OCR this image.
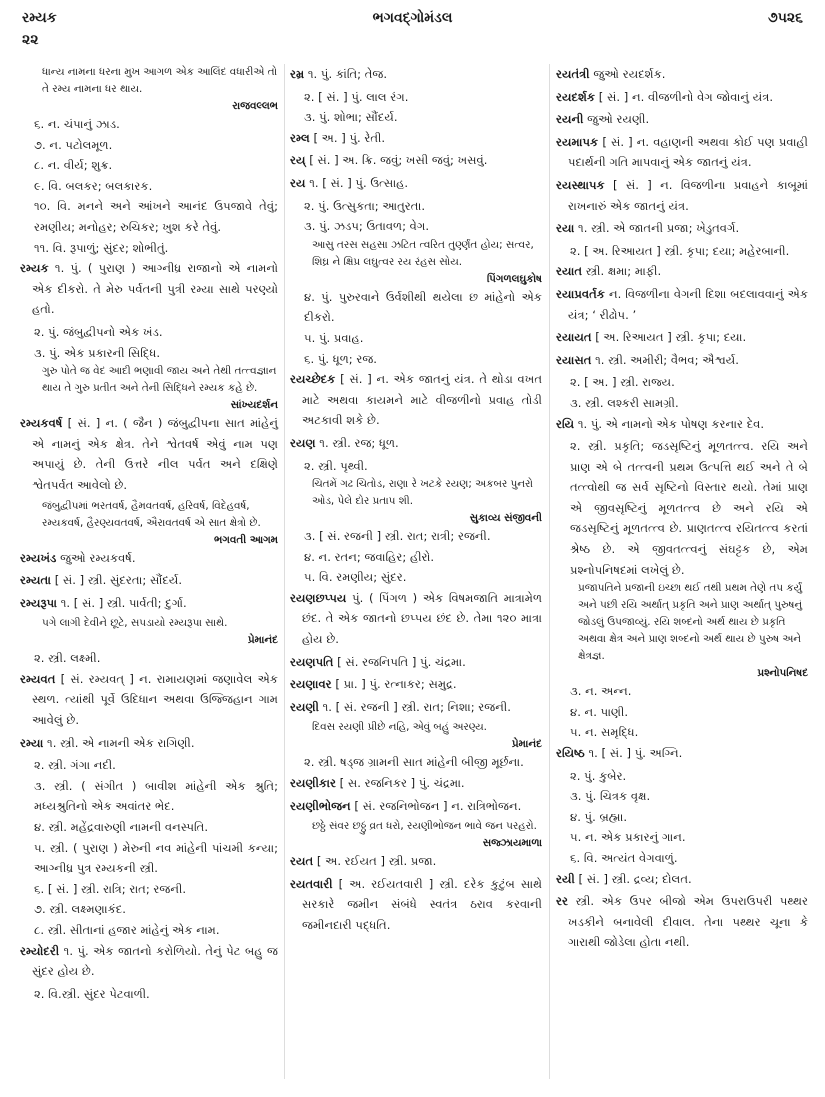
રમ્યક	ભગવદ્ગોમંડલ	૭૫૨૬
૨૨
ધાન્ય નામના ધરના મુખ આગળ એક આલિંદ વધારીએ તો તે રમ્ય નામના ધર થાય.
રાજવલ્લભ
૬. ન. ચંપાનું ઝાડ.
૭. ન. પટોલમૂળ.
૮. ન. વીર્ય; શુક્ર.
૯. વિ. બલકર; બલકારક.
૧૦. વિ. મનને અને આંખને આનંદ ઉપજાવે તેવું; રમણીય; મનોહર; રુચિકર; ખુશ કરે તેવું.
૧૧. વિ. રૂપાળું; સુંદર; શોભીતું.
રમ્યક ૧. પું. ( પુરાણ ) આગ્નીધ્ર રાજાનો એ નામનો એક દીકરો. તે મેરુ પર્વતની પુત્રી રમ્યા સાથે પરણ્યો હતો.
૨. પું. જંબુદ્વીપનો એક ખંડ.
૩. પું. એક પ્રકારની સિદ્ધિ.
ગુરુ પોતે જ વેદ આદી ભણાવી જાય અને તેથી તત્ત્વજ્ઞાન થાય તે ગુરુ પ્રતીત અને તેની સિદ્ધિને રમ્યક કહે છે.
સાંખ્યદર્શન
રમ્યકવર્ષ [ સં. ] ન. ( જૈન ) જંબુદ્વીપના સાત માંહેનું એ નામનું એક ક્ષેત્ર. તેને શ્વેતવર્ષ એવું નામ પણ અપાયું છે. તેની ઉત્તરે નીલ પર્વત અને દક્ષિણે શ્વેતપર્વત આવેલો છે.
જંબુદ્વીપમાં ભરતવર્ષ, હૈમવતવર્ષ, હરિવર્ષ, વિદેહવર્ષ, રમ્યકવર્ષ, હૈરણ્યવતવર્ષ, ઐરાવતવર્ષ એ સાત ક્ષેત્રો છે.
ભગવતી આગમ
રમ્યખંડ જુઓ રમ્યકવર્ષ.
રમ્યતા [ સં. ] સ્ત્રી. સુંદરતા; સૌંદર્ય.
રમ્યરૂપા ૧. [ સં. ] સ્ત્રી. પાર્વતી; દુર્ગા.
પગે લાગી દેવીને છૂટે, સપડાયો રમ્યરૂપા સાથે.
પ્રેમાનંદ
૨. સ્ત્રી. લક્ષ્મી.
રમ્યવત [ સં. રમ્યવત્ ] ન. રામાયણમાં જણાવેલ એક સ્થળ. ત્યાંથી પૂર્વે ઉદિધાન અથવા ઉજ્જિહાન ગામ આવેલું છે.
રમ્યા ૧. સ્ત્રી. એ નામની એક રાગિણી.
૨. સ્ત્રી. ગંગા નદી.
૩. સ્ત્રી. ( સંગીત ) બાવીશ માંહેની એક શ્રુતિ; મધ્યશ્રુતિનો એક અવાંતર ભેદ.
૪. સ્ત્રી. મહેંદ્રવારુણી નામની વનસ્પતિ.
૫. સ્ત્રી. ( પુરાણ ) મેરુની નવ માંહેની પાંચમી કન્યા; આગ્નીધ્ર પુત્ર રમ્યકની સ્ત્રી.
૬. [ સં. ] સ્ત્રી. રાત્રિ; રાત; રજની.
૭. સ્ત્રી. લક્ષ્મણાકંદ.
૮. સ્ત્રી. સીતાનાં હજાર માંહેનું એક નામ.
રમ્યોદરી ૧. પું. એક જાતનો કરોળિયો. તેનું પેટ બહુ જ સુંદર હોય છે.
૨. વિ.સ્ત્રી. સુંદર પેટવાળી.
રમ્ર ૧. પું. કાંતિ; તેજ.
૨. [ સં. ] પું. લાલ રંગ.
૩. પું. શોભા; સૌંદર્ય.
રમ્લ [ અ. ] પું. રેતી.
રય્ [ સં. ] અ. ક્રિ. જવું; ખસી જવું; ખસવું.
રય ૧. [ સં. ] પું. ઉત્સાહ.
૨. પું. ઉત્સુકતા; આતુરતા.
૩. પું. ઝડપ; ઉતાવળ; વેગ.
આસુ તરસ સહસા ઝટિત ત્વરિત તુર્ણ્ણંત હોય; સત્વર, શિઘ્ર ને ક્ષિપ્ર લઘુત્વર રય રંહસ સોય.
પિંગળલઘુકોષ
૪. પું. પુરુરવાને ઉર્વશીથી થયેલા છ માંહેનો એક દીકરો.
૫. પું. પ્રવાહ.
૬. પું. ધૂળ; રજ.
રયચ્છેદક [ સં. ] ન. એક જાતનું યંત્ર. તે થોડા વખત માટે અથવા કાયમને માટે વીજળીનો પ્રવાહ તોડી અટકાવી શકે છે.
રયણ ૧. સ્ત્રી. રજ; ધૂળ.
૨. સ્ત્રી. પૃથ્વી.
ચિતમેં ગઢ ચિતોડ, રાણા રે ખટકે રયણ; અકબર પુનરો ઓડ, પેલે દોર પ્રતાપ શી.
સુકાવ્ય સંજીવની
૩. [ સં. રજની ] સ્ત્રી. રાત; રાત્રી; રજની.
૪. ન. રતન; જવાહિર; હીરો.
૫. વિ. રમણીય; સુંદર.
રયણછપ્પય પું. ( પિંગળ ) એક વિષમજાતિ માત્રામેળ છંદ. તે એક જાતનો છપ્પય છંદ છે. તેમા ૧૨૦ માત્રા હોય છે.
રયણપતિ [ સં. રજનિપતિ ] પું. ચંદ્રમા.
રયણાવર [ પ્રા. ] પું. રત્નાકર; સમુદ્ર.
રયણી ૧. [ સં. રજની ] સ્ત્રી. રાત; નિશા; રજની.
દિવસ રયણી પ્રીછે નહિ, એવું બહું અરણ્ય.
પ્રેમાનંદ
૨. સ્ત્રી. ષડ્જ ગ્રામની સાત માંહેની બીજી મૂર્છના.
રયણીકાર [ સ. રજનિકર ] પું. ચંદ્રમા.
રયણીભોજન [ સં. રજનિભોજન ] ન. રાત્રિભોજન.
છઠ્ઠે સંવર છઠ્ઠું વ્રત ધરો, રયણીભોજન ભાવે જન પરહરો.
સજ્ઝાયમાળા
રયત [ અ. રઈયત ] સ્ત્રી. પ્રજા.
રયતવારી [ અ. રઈયતવારી ] સ્ત્રી. દરેક કુટુંબ સાથે સરકારે જમીન સંબંધે સ્વતંત્ર ઠરાવ કરવાની જમીનદારી પદ્ધતિ.
રયતંત્રી જુઓ રયદર્શક.
રયદર્શક [ સં. ] ન. વીજળીનો વેગ જોવાનું યંત્ર.
રયની જુઓ રયણી.
રયમાપક [ સં. ] ન. વહાણની અથવા કોઈ પણ પ્રવાહી પદાર્થની ગતિ માપવાનું એક જાતનું યંત્ર.
રયસ્થાપક [ સં. ] ન. વિજળીના પ્રવાહને કાબૂમાં રાખનારું એક જાતનું યંત્ર.
રયા ૧. સ્ત્રી. એ જાતની પ્રજા; ખેડુતવર્ગ.
૨. [ અ. રિઆયત ] સ્ત્રી. કૃપા; દયા; મહેરબાની.
રયાત સ્ત્રી. ક્ષમા; માફી.
રયાપ્રવર્તક ન. વિજળીના વેગની દિશા બદલાવવાનું એક યંત્ર; ‘ રીઢોપ. ’
રયાયત [ અ. રિઆયત ] સ્ત્રી. કૃપા; દયા.
રયાસત ૧. સ્ત્રી. અમીરી; વૈભવ; ઐશ્વર્ય.
૨. [ અ. ] સ્ત્રી. રાજ્ય.
૩. સ્ત્રી. લશ્કરી સામગ્રી.
રયિ ૧. પું. એ નામનો એક પોષણ કરનાર દેવ.
૨. સ્ત્રી. પ્રકૃતિ; જડસૃષ્ટિનું મૂળતત્ત્વ. રયિ અને પ્રાણ એ બે તત્ત્વની પ્રથમ ઉત્પત્તિ થઈ અને તે બે તત્ત્વોથી જ સર્વ સૃષ્ટિનો વિસ્તાર થયો. તેમાં પ્રાણ એ જીવસૃષ્ટિનું મૂળતત્ત્વ છે અને રયિ એ જડસૃષ્ટિનું મૂળતત્ત્વ છે. પ્રાણતત્ત્વ રયિતત્ત્વ કરતાં શ્રેષ્ઠ છે. એ જીવતત્ત્વનું સંઘટ્ટક છે, એમ પ્રશ્નોપનિષદમાં લખેલું છે.
પ્રજાપતિને પ્રજાની ઇચ્છા થઈ તથી પ્રથમ તેણે તપ કર્યું અને પછી રયિ અર્થાત્ પ્રકૃતિ અને પ્રાણ અર્થાત્ પુરુષનું જોડલું ઉપજાવ્યું. રયિ શબ્દનો અર્થ થાય છે પ્રકૃતિ અથવા ક્ષેત્ર અને પ્રાણ શબ્દનો અર્થ થાય છે પુરુષ અને ક્ષેત્રજ્ઞ.
પ્રશ્નોપનિષદ
૩. ન. અન્ન.
૪. ન. પાણી.
૫. ન. સમૃદ્ધિ.
રયિષ્ઠ ૧. [ સં. ] પું. અગ્નિ.
૨. પું. કુબેર.
૩. પું. ચિત્રક વૃક્ષ.
૪. પું. બ્રહ્મા.
૫. ન. એક પ્રકારનું ગાન.
૬. વિ. અત્યંત વેગવાળું.
રયી [ સં. ] સ્ત્રી. દ્રવ્ય; દોલત.
રર સ્ત્રી. એક ઉપર બીજો એમ ઉપરાઉપરી પથ્થર ખડકીને બનાવેલી દીવાલ. તેના પથ્થર ચૂના કે ગારાથી જોડેલા હોતા નથી.
